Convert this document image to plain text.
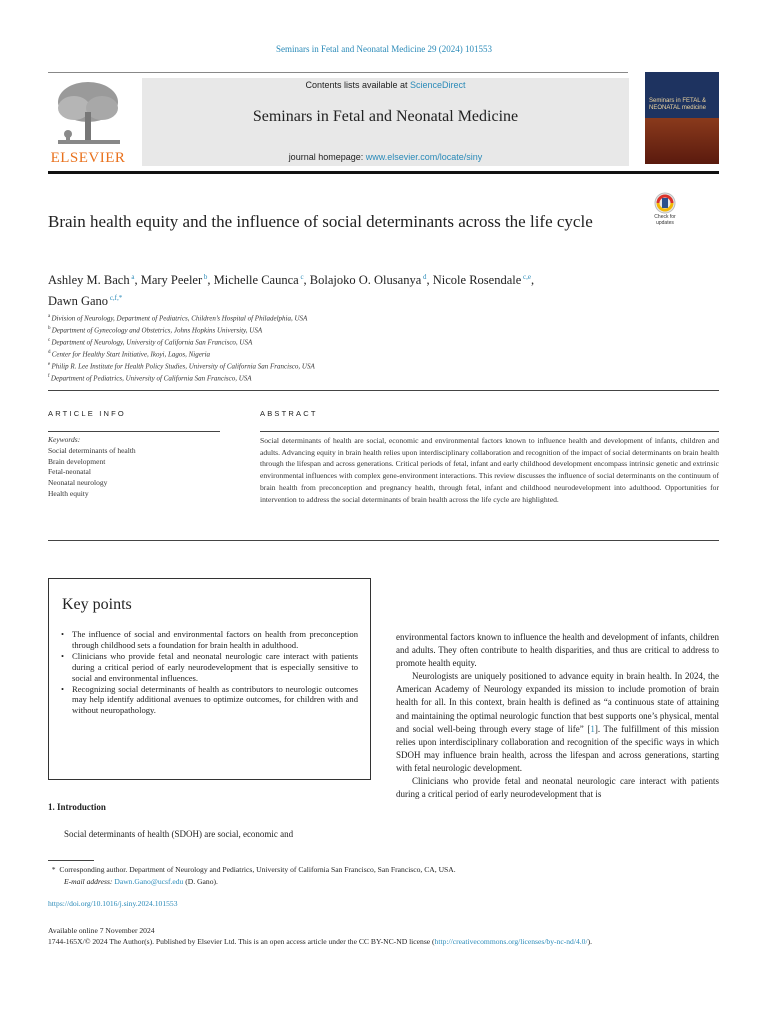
Seminars in Fetal and Neonatal Medicine 29 (2024) 101553
ELSEVIER
Contents lists available at ScienceDirect
Seminars in Fetal and Neonatal Medicine
journal homepage: www.elsevier.com/locate/siny
Seminars in FETAL & NEONATAL medicine
Brain health equity and the influence of social determinants across the life cycle	Check for updates
Ashley M. Bach $^a$, Mary Peeler $^b$, Michelle Caunca $^c$, Bolajoko O. Olusanya $^d$, Nicole Rosendale $^{c,e}$,
Dawn Gano $^{c,f,*}$
$^a$ Division of Neurology, Department of Pediatrics, Children’s Hospital of Philadelphia, USA
$^b$ Department of Gynecology and Obstetrics, Johns Hopkins University, USA
$^c$ Department of Neurology, University of California San Francisco, USA
$^d$ Center for Healthy Start Initiative, Ikoyi, Lagos, Nigeria
$^e$ Philip R. Lee Institute for Health Policy Studies, University of California San Francisco, USA
$^f$ Department of Pediatrics, University of California San Francisco, USA
ARTICLE INFO	ABSTRACT
Keywords:
Social determinants of health
Brain development
Fetal-neonatal
Neonatal neurology
Health equity
Social determinants of health are social, economic and environmental factors known to influence health and development of infants, children and adults. Advancing equity in brain health relies upon interdisciplinary collaboration and recognition of the impact of social determinants on brain health through the lifespan and across generations. Critical periods of fetal, infant and early childhood development encompass intrinsic genetic and extrinsic environmental influences with complex gene-environment interactions. This review discusses the influence of social determinants on the continuum of brain health from preconception and pregnancy health, through fetal, infant and childhood neurodevelopment into adulthood. Opportunities for intervention to address the social determinants of brain health across the life cycle are highlighted.
Key points
• The influence of social and environmental factors on health from preconception through childhood sets a foundation for brain health in adulthood.
• Clinicians who provide fetal and neonatal neurologic care interact with patients during a critical period of early neurodevelopment that is especially sensitive to social and environmental influences.
• Recognizing social determinants of health as contributors to neurologic outcomes may help identify additional avenues to optimize outcomes, for children with and without neuropathology.
1. Introduction
Social determinants of health (SDOH) are social, economic and

environmental factors known to influence the health and development of infants, children and adults. They often contribute to health disparities, and thus are critical to address to promote health equity.

Neurologists are uniquely positioned to advance equity in brain health. In 2024, the American Academy of Neurology expanded its mission to include promotion of brain health for all. In this context, brain health is defined as “a continuous state of attaining and maintaining the optimal neurologic function that best supports one’s physical, mental and social well-being through every stage of life” [1]. The fulfillment of this mission relies upon interdisciplinary collaboration and recognition of the specific ways in which SDOH may influence brain health, across the lifespan and across generations, starting with fetal neurologic development.

Clinicians who provide fetal and neonatal neurologic care interact with patients during a critical period of early neurodevelopment that is

*  Corresponding author. Department of Neurology and Pediatrics, University of California San Francisco, San Francisco, CA, USA.
E-mail address: Dawn.Gano@ucsf.edu (D. Gano).
https://doi.org/10.1016/j.siny.2024.101553
Available online 7 November 2024
1744-165X/© 2024 The Author(s). Published by Elsevier Ltd. This is an open access article under the CC BY-NC-ND license (http://creativecommons.org/licenses/by-nc-nd/4.0/).
